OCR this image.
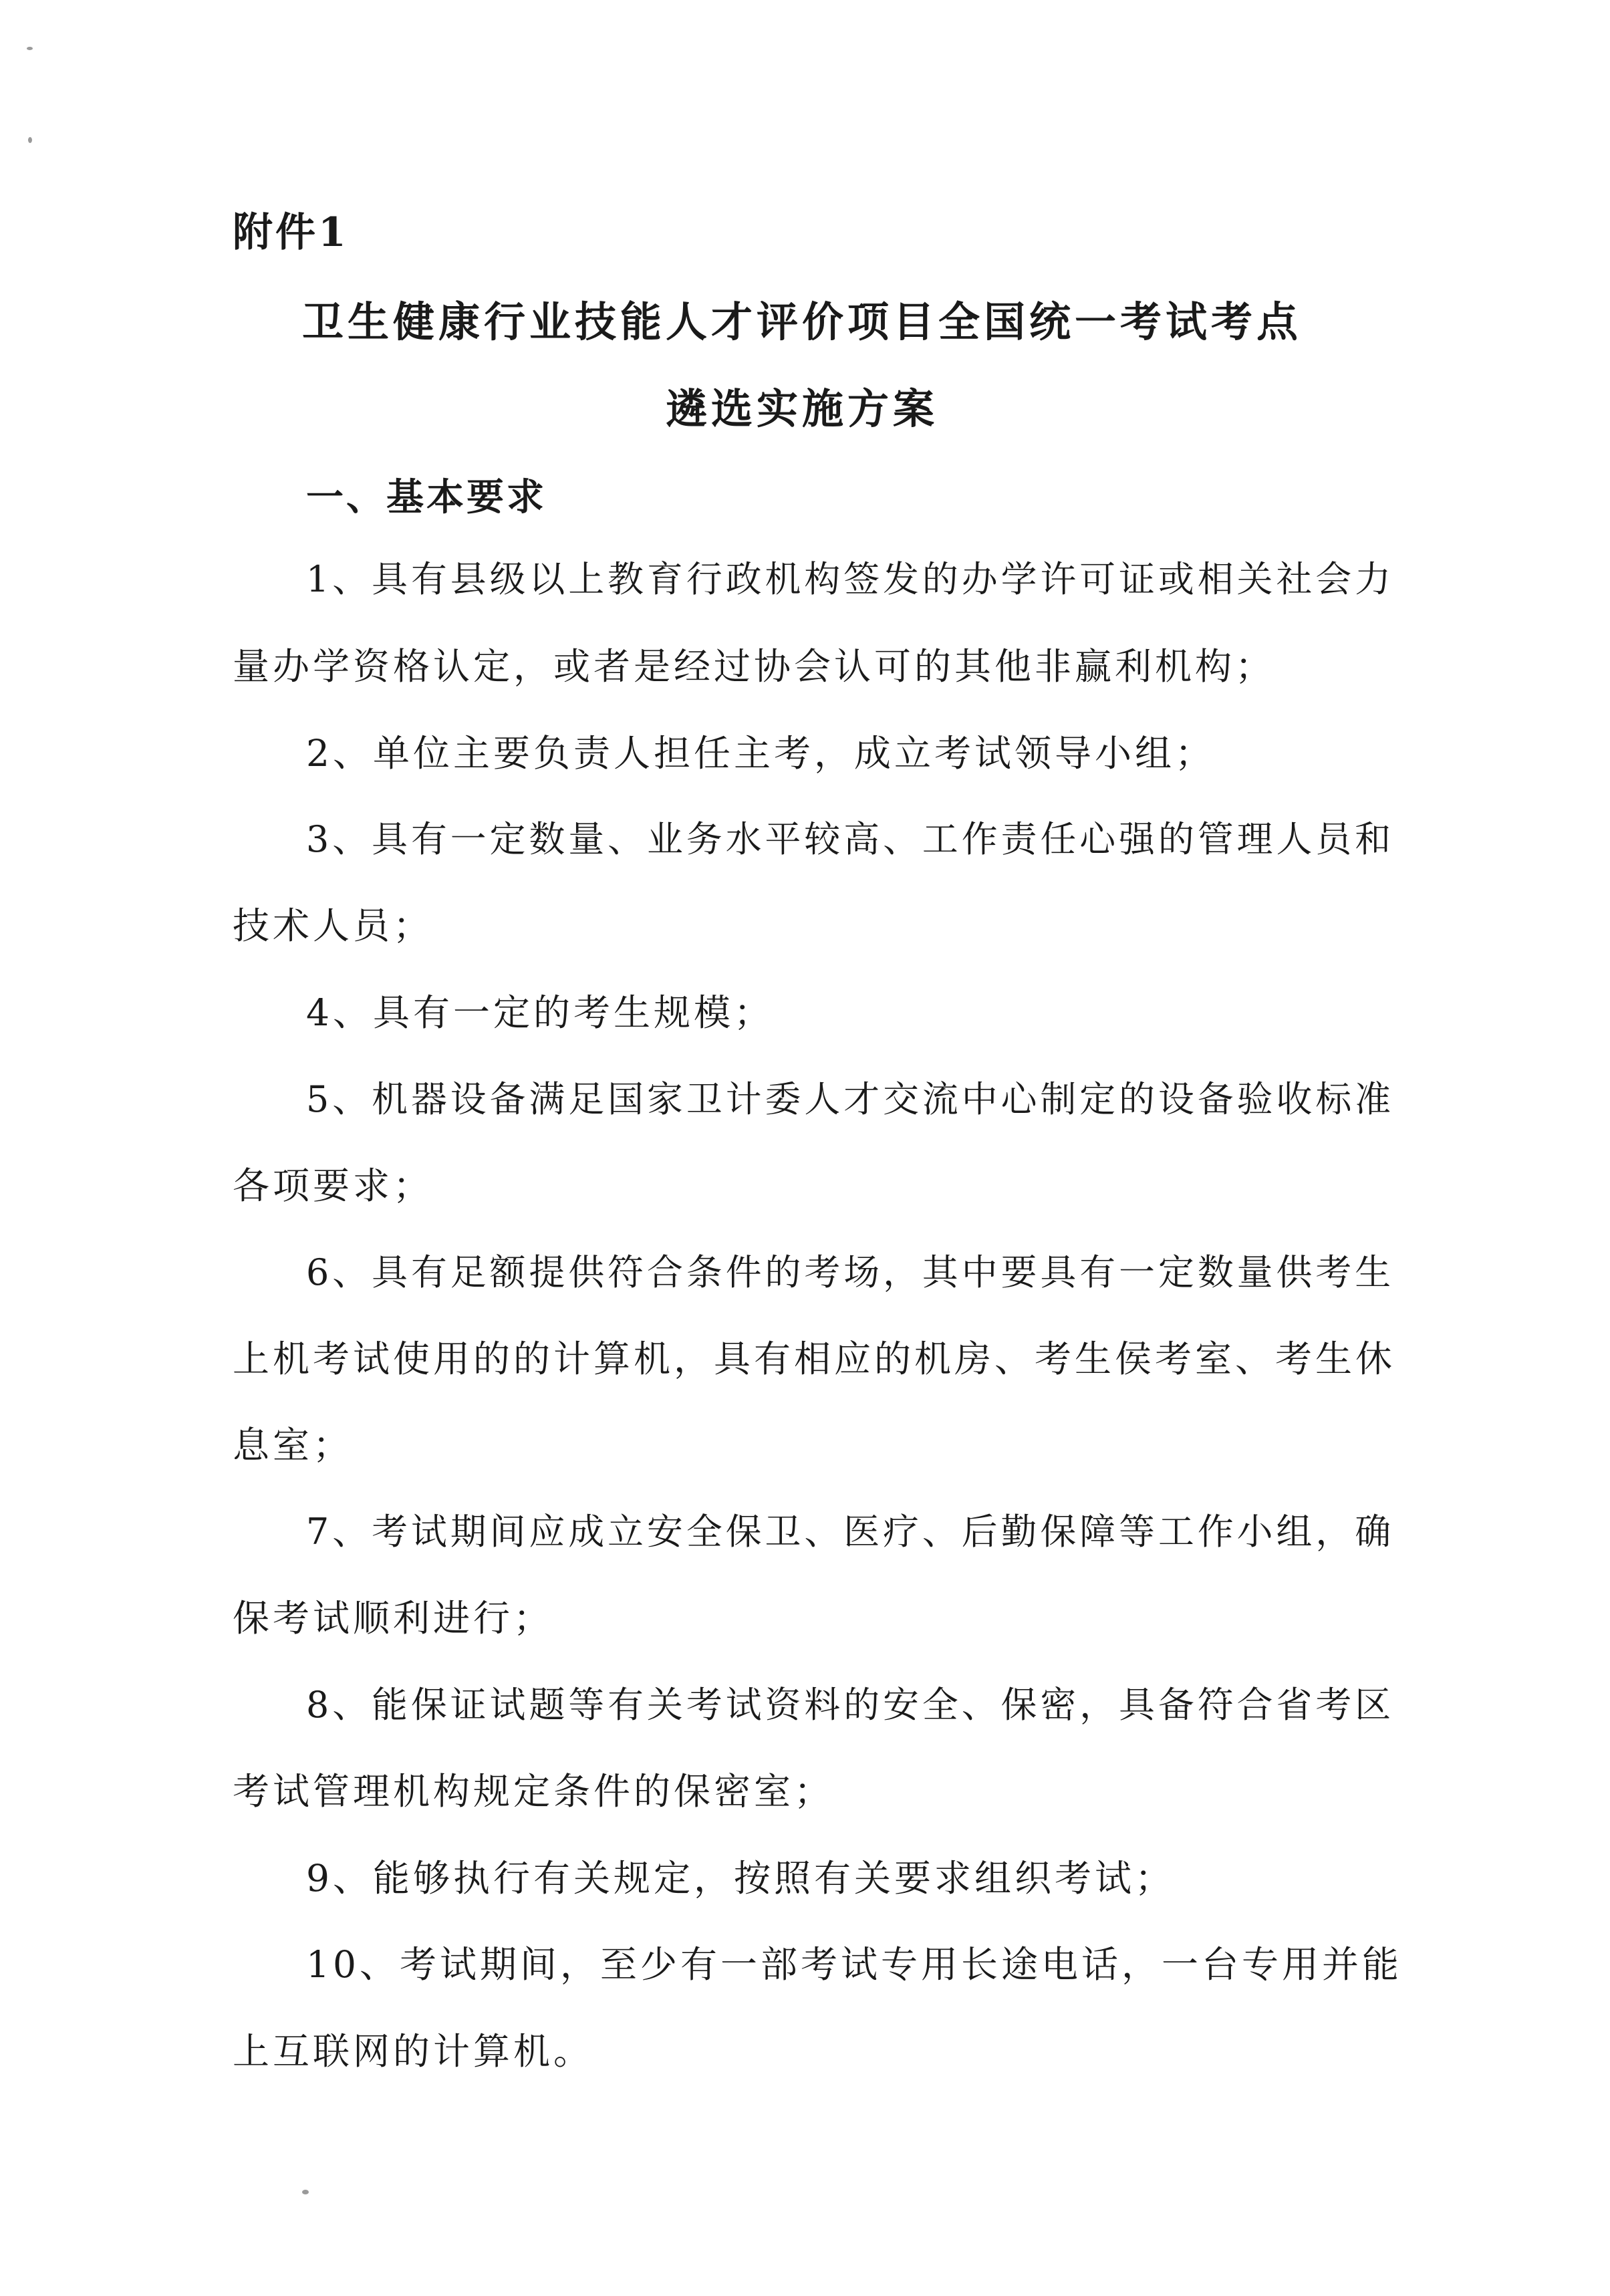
附件1
卫生健康行业技能人才评价项目全国统一考试考点
遴选实施方案
一、基本要求
1、具有县级以上教育行政机构签发的办学许可证或相关社会力
量办学资格认定，或者是经过协会认可的其他非赢利机构；
2、单位主要负责人担任主考，成立考试领导小组；
3、具有一定数量、业务水平较高、工作责任心强的管理人员和
技术人员；
4、具有一定的考生规模；
5、机器设备满足国家卫计委人才交流中心制定的设备验收标准
各项要求；
6、具有足额提供符合条件的考场，其中要具有一定数量供考生
上机考试使用的的计算机，具有相应的机房、考生侯考室、考生休
息室；
7、考试期间应成立安全保卫、医疗、后勤保障等工作小组，确
保考试顺利进行；
8、能保证试题等有关考试资料的安全、保密，具备符合省考区
考试管理机构规定条件的保密室；
9、能够执行有关规定，按照有关要求组织考试；
10、考试期间，至少有一部考试专用长途电话，一台专用并能
上互联网的计算机。
